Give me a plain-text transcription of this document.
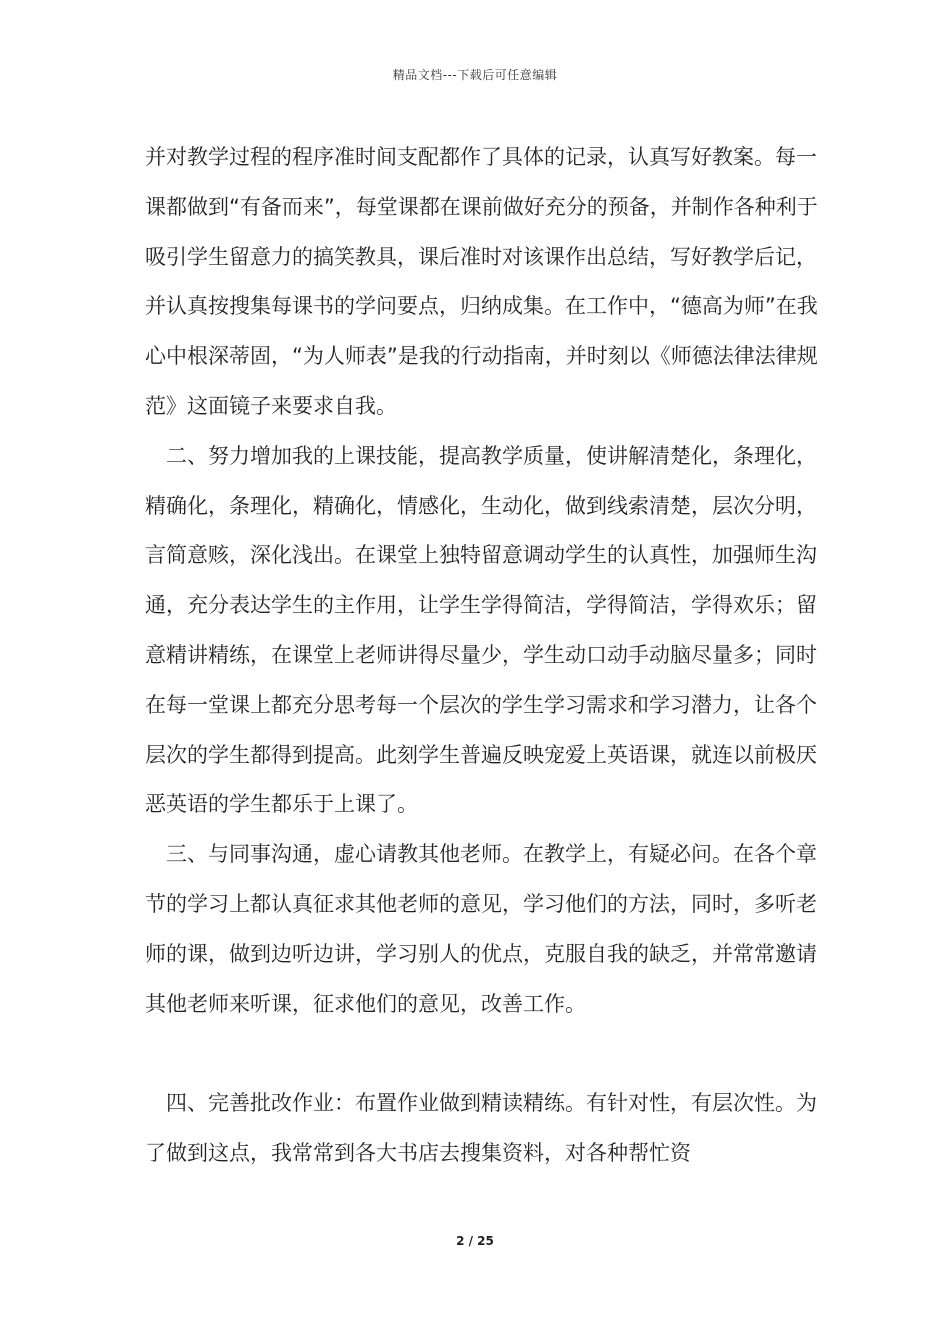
精品文档---下载后可任意编辑

并对教学过程的程序准时间支配都作了具体的记录，认真写好教案。每一课都做到“有备而来”，每堂课都在课前做好充分的预备，并制作各种利于吸引学生留意力的搞笑教具，课后准时对该课作出总结，写好教学后记，并认真按搜集每课书的学问要点，归纳成集。在工作中，“德高为师”在我心中根深蒂固，“为人师表”是我的行动指南，并时刻以《师德法律法律规范》这面镜子来要求自我。

二、努力增加我的上课技能，提高教学质量，使讲解清楚化，条理化，精确化，条理化，精确化，情感化，生动化，做到线索清楚，层次分明，言简意赅，深化浅出。在课堂上独特留意调动学生的认真性，加强师生沟通，充分表达学生的主作用，让学生学得简洁，学得简洁，学得欢乐；留意精讲精练，在课堂上老师讲得尽量少，学生动口动手动脑尽量多；同时在每一堂课上都充分思考每一个层次的学生学习需求和学习潜力，让各个层次的学生都得到提高。此刻学生普遍反映宠爱上英语课，就连以前极厌恶英语的学生都乐于上课了。

三、与同事沟通，虚心请教其他老师。在教学上，有疑必问。在各个章节的学习上都认真征求其他老师的意见，学习他们的方法，同时，多听老师的课，做到边听边讲，学习别人的优点，克服自我的缺乏，并常常邀请其他老师来听课，征求他们的意见，改善工作。

四、完善批改作业：布置作业做到精读精练。有针对性，有层次性。为了做到这点，我常常到各大书店去搜集资料，对各种帮忙资

2 / 25
